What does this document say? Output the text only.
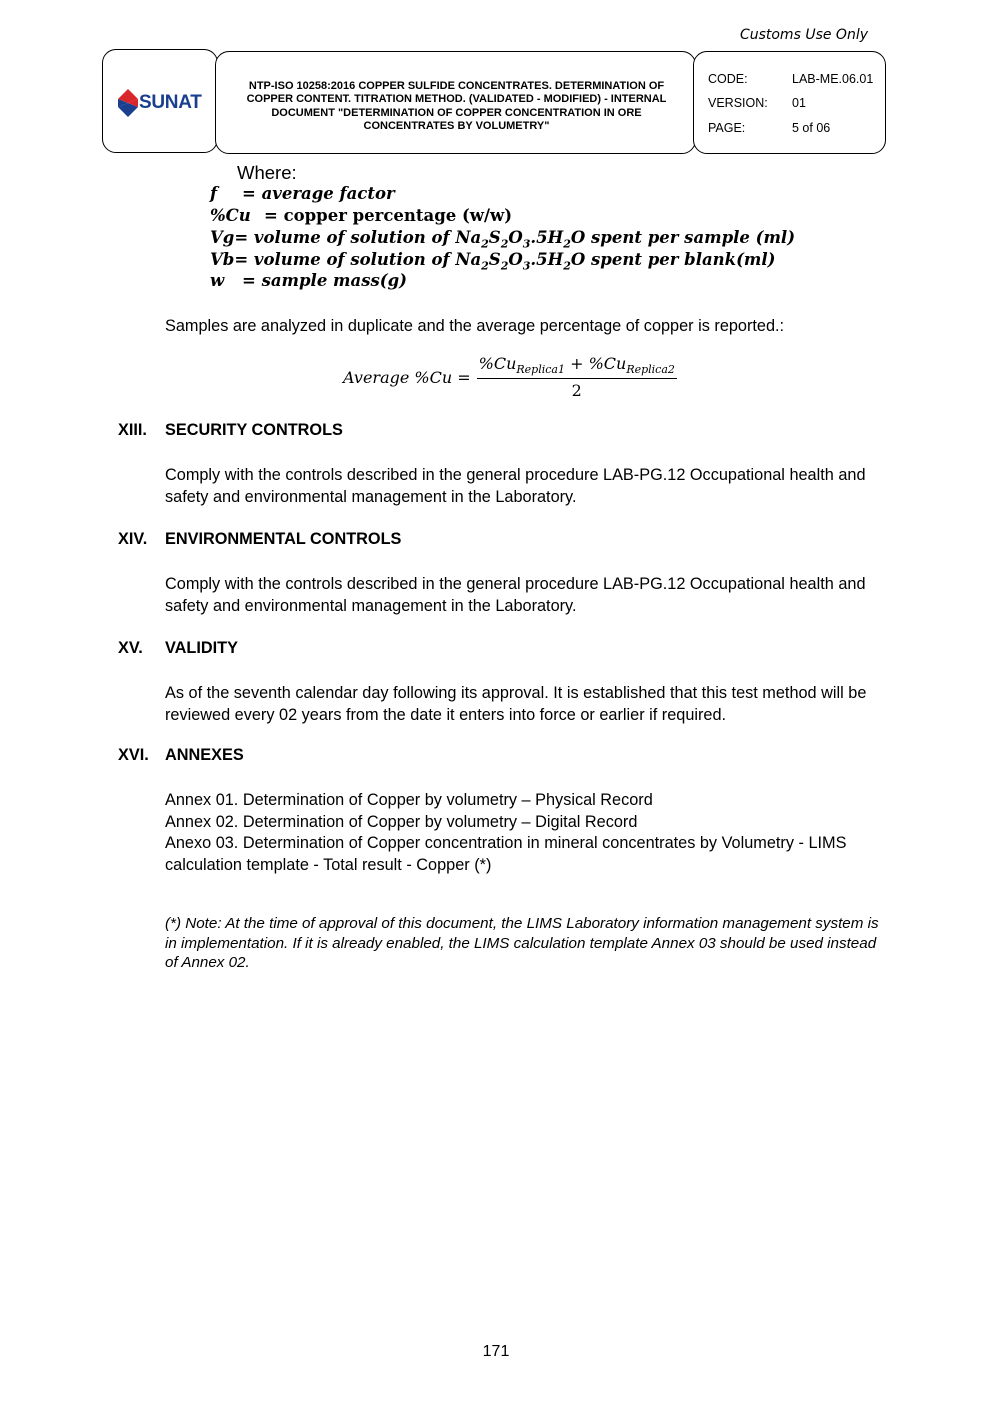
Customs Use Only
SUNAT
NTP-ISO 10258:2016 COPPER SULFIDE CONCENTRATES. DETERMINATION OF COPPER CONTENT. TITRATION METHOD. (VALIDATED - MODIFIED) - INTERNAL DOCUMENT "DETERMINATION OF COPPER CONCENTRATION IN ORE CONCENTRATES BY VOLUMETRY"
CODE:	LAB-ME.06.01
VERSION: 01
PAGE:	5 of 06
Where:
f = average factor
%Cu = copper percentage (w/w)
Vg= volume of solution of $Na_2S_2O_3.5H_2O$ spent per sample (ml)
Vb= volume of solution of $Na_2S_2O_3.5H_2O$ spent per blank(ml)
w = sample mass(g)
Samples are analyzed in duplicate and the average percentage of copper is reported.:
Average $\%Cu = \frac{\%Cu_{Replica1} + \%Cu_{Replica2}}{2}$
XIII. SECURITY CONTROLS
Comply with the controls described in the general procedure LAB-PG.12 Occupational health and safety and environmental management in the Laboratory.
XIV. ENVIRONMENTAL CONTROLS
Comply with the controls described in the general procedure LAB-PG.12 Occupational health and safety and environmental management in the Laboratory.
XV. VALIDITY
As of the seventh calendar day following its approval. It is established that this test method will be reviewed every 02 years from the date it enters into force or earlier if required.
XVI. ANNEXES
Annex 01. Determination of Copper by volumetry – Physical Record
Annex 02. Determination of Copper by volumetry – Digital Record
Anexo 03. Determination of Copper concentration in mineral concentrates by Volumetry - LIMS calculation template - Total result - Copper (*)
(*) Note: At the time of approval of this document, the LIMS Laboratory information management system is in implementation. If it is already enabled, the LIMS calculation template Annex 03 should be used instead of Annex 02.
171
